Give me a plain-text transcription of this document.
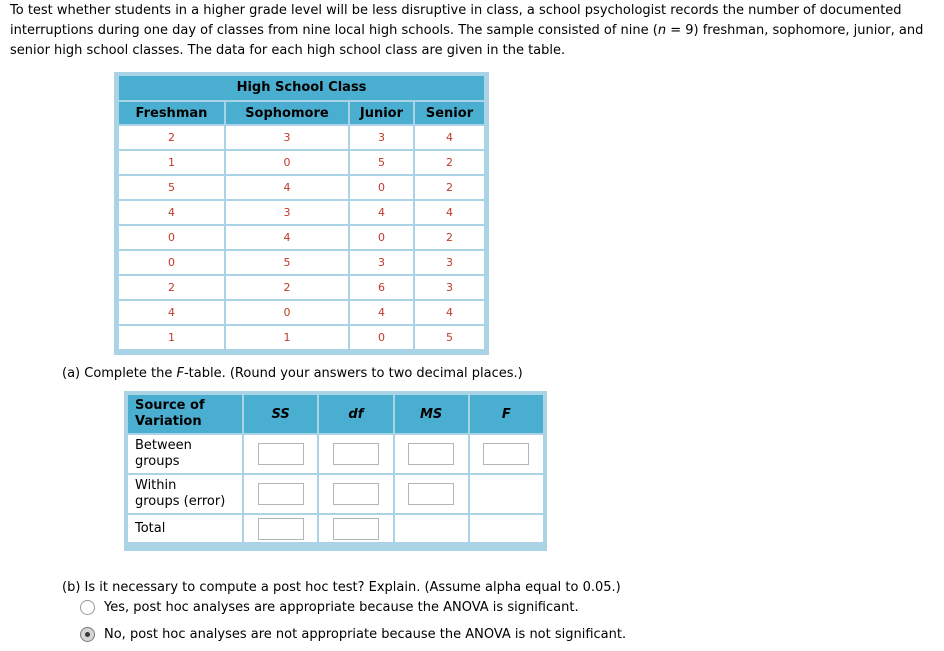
To test whether students in a higher grade level will be less disruptive in class, a school psychologist records the number of documented interruptions during one day of classes from nine local high schools. The sample consisted of nine (n = 9) freshman, sophomore, junior, and senior high school classes. The data for each high school class are given in the table.

High School Class
Freshman	Sophomore	Junior	Senior
2	3	3	4
1	0	5	2
5	4	0	2
4	3	4	4
0	4	0	2
0	5	3	3
2	2	6	3
4	0	4	4
1	1	0	5
(a) Complete the F-table. (Round your answers to two decimal places.)
Source of
Variation	SS	df	MS	F
Between
groups				
Within
groups (error)				
Total				
(b) Is it necessary to compute a post hoc test? Explain. (Assume alpha equal to 0.05.)
Yes, post hoc analyses are appropriate because the ANOVA is significant.
No, post hoc analyses are not appropriate because the ANOVA is not significant.
